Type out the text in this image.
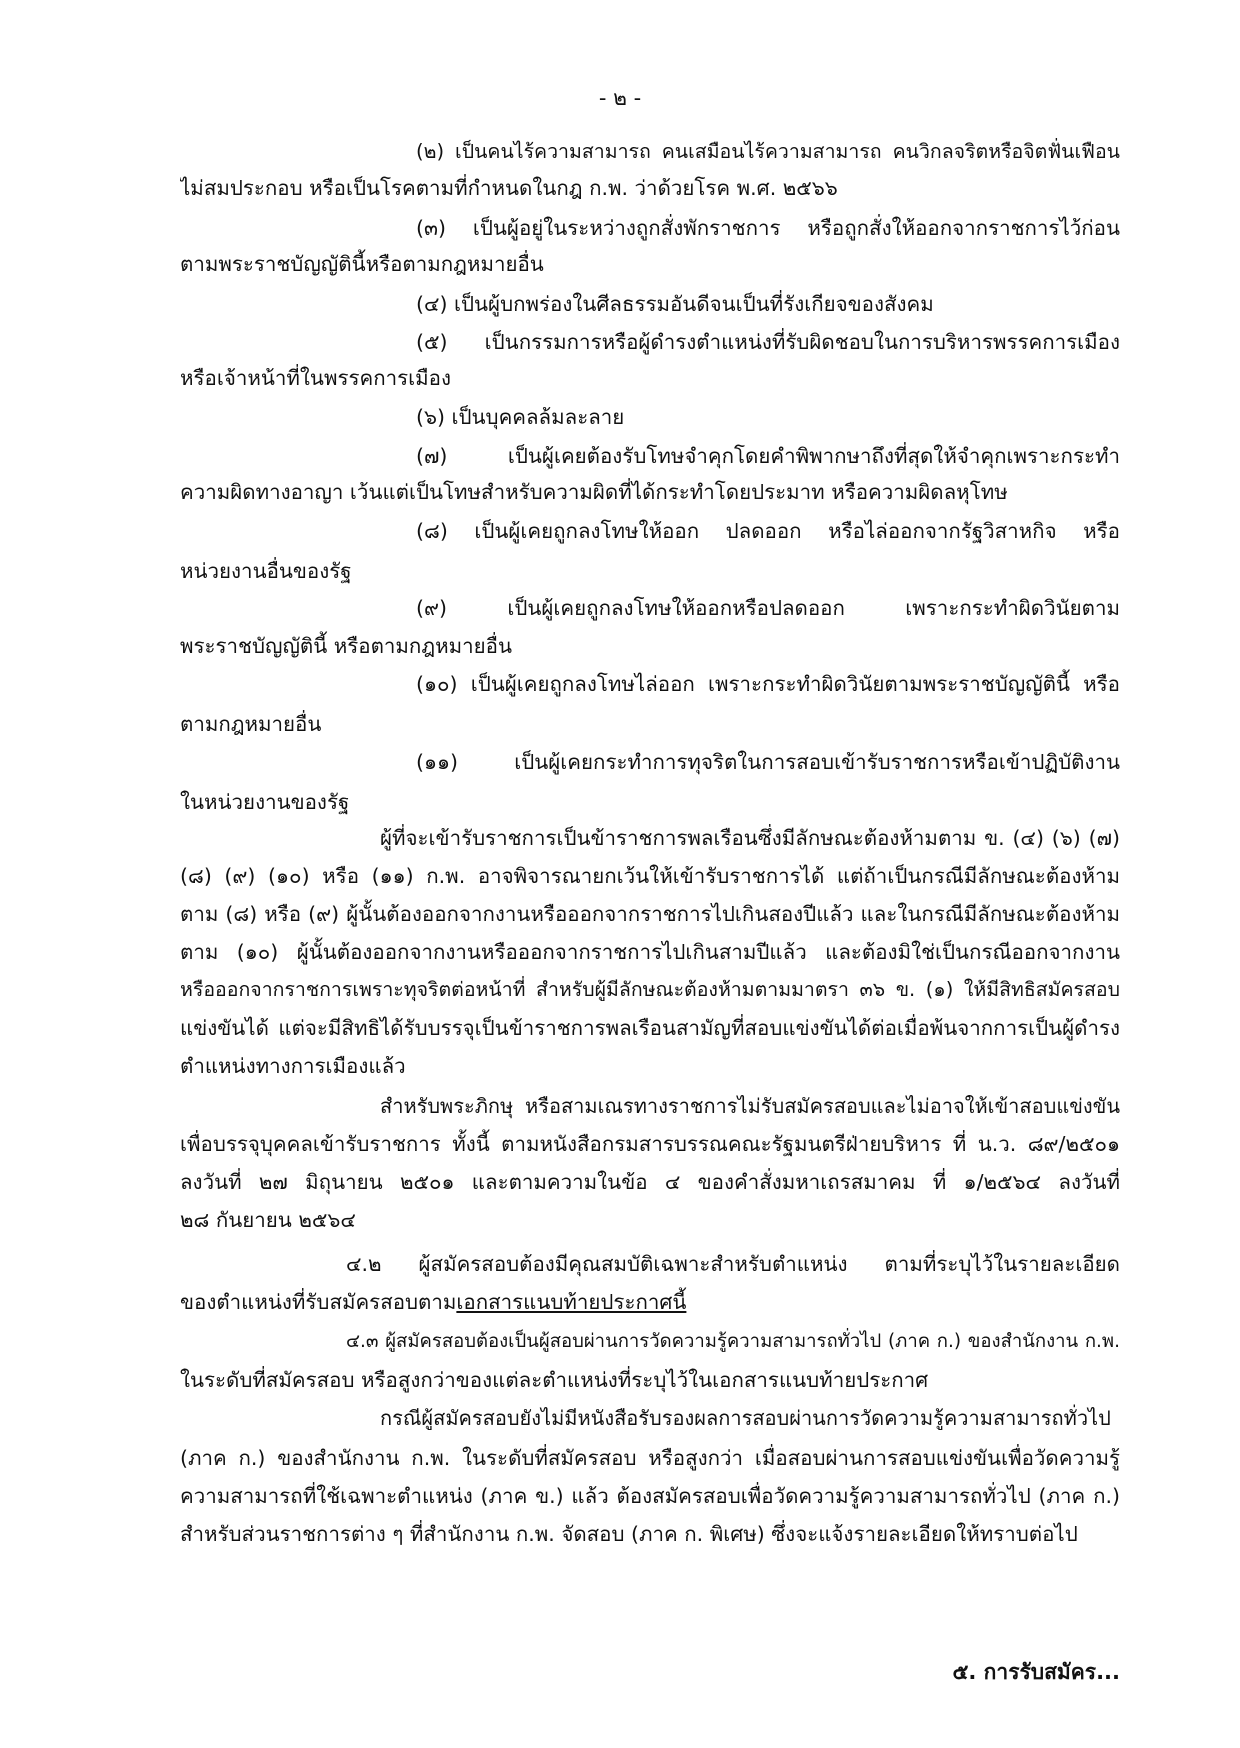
- ๒ -
(๒) เป็นคนไร้ความสามารถ คนเสมือนไร้ความสามารถ คนวิกลจริตหรือจิตฟั่นเฟือน
ไม่สมประกอบ หรือเป็นโรคตามที่กำหนดในกฎ ก.พ. ว่าด้วยโรค พ.ศ. ๒๕๖๖
(๓) เป็นผู้อยู่ในระหว่างถูกสั่งพักราชการ หรือถูกสั่งให้ออกจากราชการไว้ก่อน
ตามพระราชบัญญัตินี้หรือตามกฎหมายอื่น
(๔) เป็นผู้บกพร่องในศีลธรรมอันดีจนเป็นที่รังเกียจของสังคม
(๕) เป็นกรรมการหรือผู้ดำรงตำแหน่งที่รับผิดชอบในการบริหารพรรคการเมือง
หรือเจ้าหน้าที่ในพรรคการเมือง
(๖) เป็นบุคคลล้มละลาย
(๗) เป็นผู้เคยต้องรับโทษจำคุกโดยคำพิพากษาถึงที่สุดให้จำคุกเพราะกระทำ
ความผิดทางอาญา เว้นแต่เป็นโทษสำหรับความผิดที่ได้กระทำโดยประมาท หรือความผิดลหุโทษ
(๘) เป็นผู้เคยถูกลงโทษให้ออก ปลดออก หรือไล่ออกจากรัฐวิสาหกิจ หรือ
หน่วยงานอื่นของรัฐ
(๙) เป็นผู้เคยถูกลงโทษให้ออกหรือปลดออก เพราะกระทำผิดวินัยตาม
พระราชบัญญัตินี้ หรือตามกฎหมายอื่น
(๑๐) เป็นผู้เคยถูกลงโทษไล่ออก เพราะกระทำผิดวินัยตามพระราชบัญญัตินี้ หรือ
ตามกฎหมายอื่น
(๑๑) เป็นผู้เคยกระทำการทุจริตในการสอบเข้ารับราชการหรือเข้าปฏิบัติงาน
ในหน่วยงานของรัฐ
ผู้ที่จะเข้ารับราชการเป็นข้าราชการพลเรือนซึ่งมีลักษณะต้องห้ามตาม ข. (๔) (๖) (๗)
(๘) (๙) (๑๐) หรือ (๑๑) ก.พ. อาจพิจารณายกเว้นให้เข้ารับราชการได้ แต่ถ้าเป็นกรณีมีลักษณะต้องห้าม
ตาม (๘) หรือ (๙) ผู้นั้นต้องออกจากงานหรือออกจากราชการไปเกินสองปีแล้ว และในกรณีมีลักษณะต้องห้าม
ตาม (๑๐) ผู้นั้นต้องออกจากงานหรือออกจากราชการไปเกินสามปีแล้ว และต้องมิใช่เป็นกรณีออกจากงาน
หรือออกจากราชการเพราะทุจริตต่อหน้าที่ สำหรับผู้มีลักษณะต้องห้ามตามมาตรา ๓๖ ข. (๑) ให้มีสิทธิสมัครสอบ
แข่งขันได้ แต่จะมีสิทธิได้รับบรรจุเป็นข้าราชการพลเรือนสามัญที่สอบแข่งขันได้ต่อเมื่อพ้นจากการเป็นผู้ดำรง
ตำแหน่งทางการเมืองแล้ว
สำหรับพระภิกษุ หรือสามเณรทางราชการไม่รับสมัครสอบและไม่อาจให้เข้าสอบแข่งขัน
เพื่อบรรจุบุคคลเข้ารับราชการ ทั้งนี้ ตามหนังสือกรมสารบรรณคณะรัฐมนตรีฝ่ายบริหาร ที่ น.ว. ๘๙/๒๕๐๑
ลงวันที่ ๒๗ มิถุนายน ๒๕๐๑ และตามความในข้อ ๔ ของคำสั่งมหาเถรสมาคม ที่ ๑/๒๕๖๔ ลงวันที่
๒๘ กันยายน ๒๕๖๔
๔.๒ ผู้สมัครสอบต้องมีคุณสมบัติเฉพาะสำหรับตำแหน่ง ตามที่ระบุไว้ในรายละเอียด
ของตำแหน่งที่รับสมัครสอบตามเอกสารแนบท้ายประกาศนี้
๔.๓ ผู้สมัครสอบต้องเป็นผู้สอบผ่านการวัดความรู้ความสามารถทั่วไป (ภาค ก.) ของสำนักงาน ก.พ.
ในระดับที่สมัครสอบ หรือสูงกว่าของแต่ละตำแหน่งที่ระบุไว้ในเอกสารแนบท้ายประกาศ
กรณีผู้สมัครสอบยังไม่มีหนังสือรับรองผลการสอบผ่านการวัดความรู้ความสามารถทั่วไป
(ภาค ก.) ของสำนักงาน ก.พ. ในระดับที่สมัครสอบ หรือสูงกว่า เมื่อสอบผ่านการสอบแข่งขันเพื่อวัดความรู้
ความสามารถที่ใช้เฉพาะตำแหน่ง (ภาค ข.) แล้ว ต้องสมัครสอบเพื่อวัดความรู้ความสามารถทั่วไป (ภาค ก.)
สำหรับส่วนราชการต่าง ๆ ที่สำนักงาน ก.พ. จัดสอบ (ภาค ก. พิเศษ) ซึ่งจะแจ้งรายละเอียดให้ทราบต่อไป
๕. การรับสมัคร...
